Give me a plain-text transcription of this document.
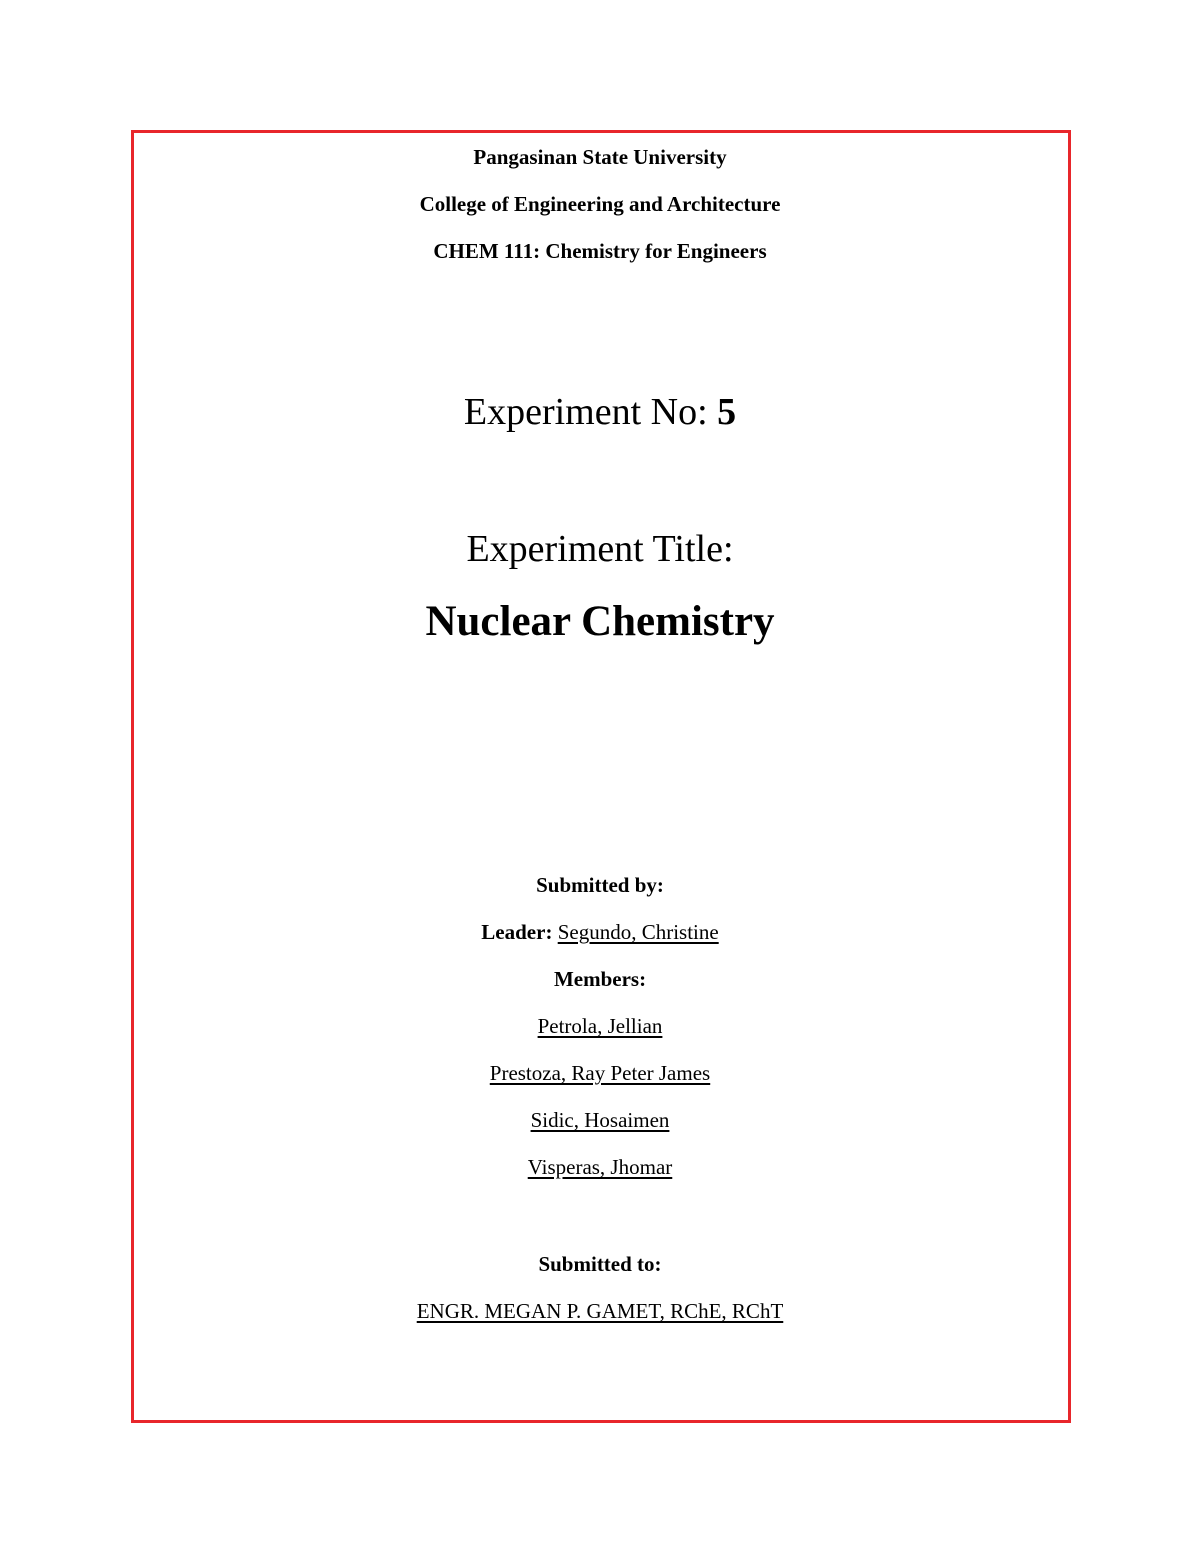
Pangasinan State University
College of Engineering and Architecture
CHEM 111: Chemistry for Engineers
Experiment No: 5
Experiment Title:
Nuclear Chemistry
Submitted by:
Leader: Segundo, Christine
Members:
Petrola, Jellian
Prestoza, Ray Peter James
Sidic, Hosaimen
Visperas, Jhomar
Submitted to:
ENGR. MEGAN P. GAMET, RChE, RChT
